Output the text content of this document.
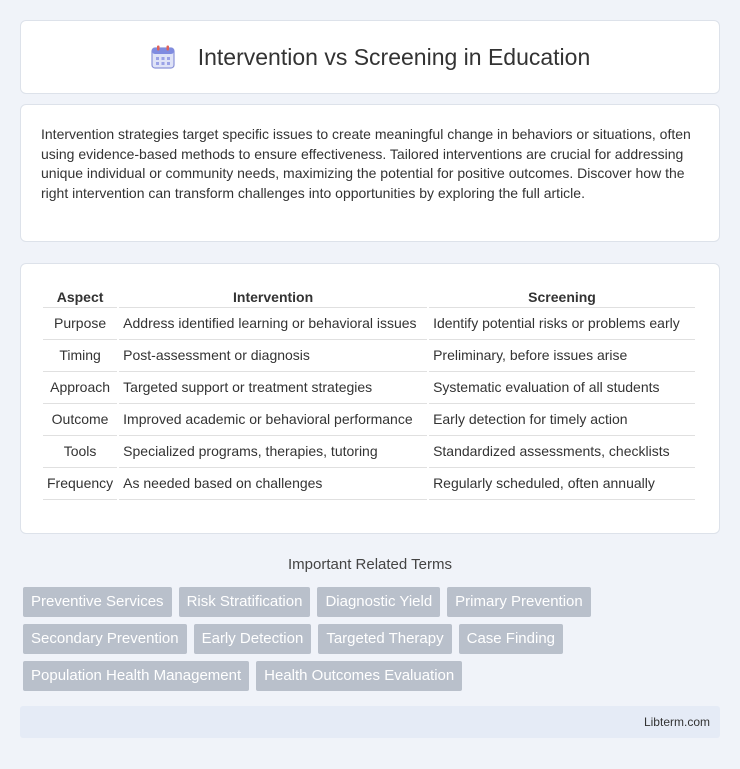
Intervention vs Screening in Education

Intervention strategies target specific issues to create meaningful change in behaviors or situations, often using evidence-based methods to ensure effectiveness. Tailored interventions are crucial for addressing unique individual or community needs, maximizing the potential for positive outcomes. Discover how the right intervention can transform challenges into opportunities by exploring the full article.

Aspect	Intervention	Screening
Purpose	Address identified learning or behavioral issues	Identify potential risks or problems early
Timing	Post-assessment or diagnosis	Preliminary, before issues arise
Approach	Targeted support or treatment strategies	Systematic evaluation of all students
Outcome	Improved academic or behavioral performance	Early detection for timely action
Tools	Specialized programs, therapies, tutoring	Standardized assessments, checklists
Frequency	As needed based on challenges	Regularly scheduled, often annually
Important Related Terms
Preventive Services	Risk Stratification	Diagnostic Yield	Primary Prevention
Secondary Prevention	Early Detection	Targeted Therapy	Case Finding
Population Health Management	Health Outcomes Evaluation
Libterm.com
